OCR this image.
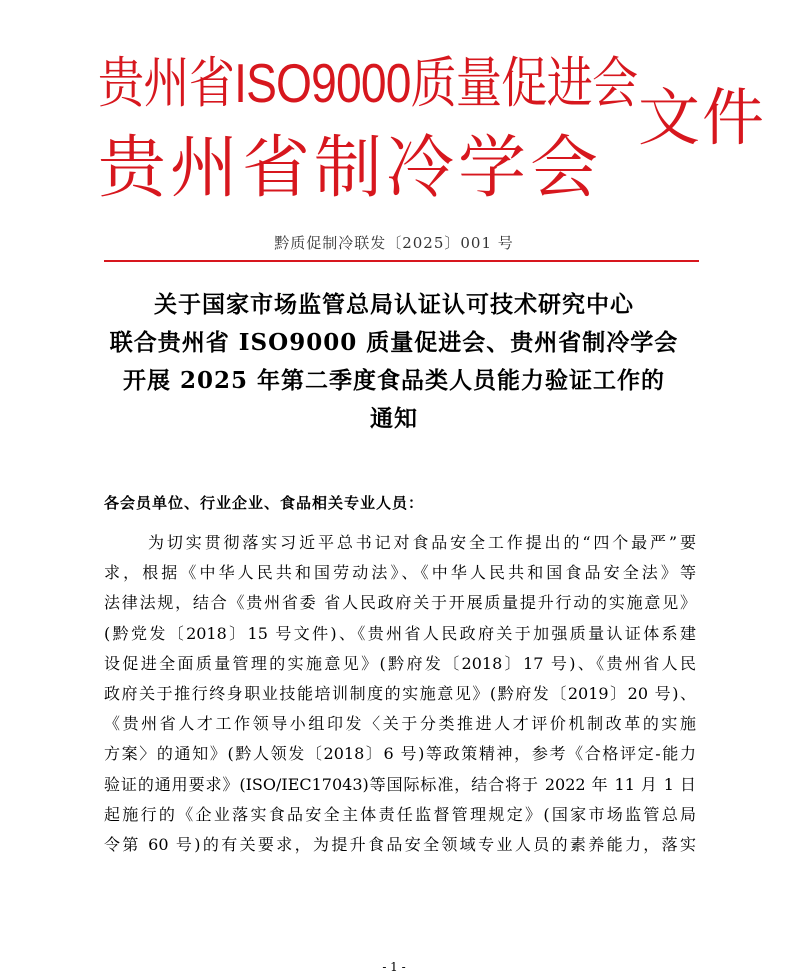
贵州省ISO9000质量促进会
贵州省制冷学会
文件
黔质促制冷联发〔2025〕001 号
关于国家市场监管总局认证认可技术研究中心
联合贵州省 ISO9000 质量促进会、贵州省制冷学会
开展 2025 年第二季度食品类人员能力验证工作的
通知
各会员单位、行业企业、食品相关专业人员：
为切实贯彻落实习近平总书记对食品安全工作提出的“四个最严”要
求，根据《中华人民共和国劳动法》、《中华人民共和国食品安全法》等
法律法规，结合《贵州省委 省人民政府关于开展质量提升行动的实施意见》
(黔党发〔2018〕15 号文件)、《贵州省人民政府关于加强质量认证体系建
设促进全面质量管理的实施意见》(黔府发〔2018〕17 号)、《贵州省人民
政府关于推行终身职业技能培训制度的实施意见》(黔府发〔2019〕20 号)、
《贵州省人才工作领导小组印发〈关于分类推进人才评价机制改革的实施
方案〉的通知》(黔人领发〔2018〕6 号)等政策精神，参考《合格评定-能力
验证的通用要求》(ISO/IEC17043)等国际标准，结合将于 2022 年 11 月 1 日
起施行的《企业落实食品安全主体责任监督管理规定》(国家市场监管总局
令第 60 号)的有关要求，为提升食品安全领域专业人员的素养能力，落实
- 1 -
